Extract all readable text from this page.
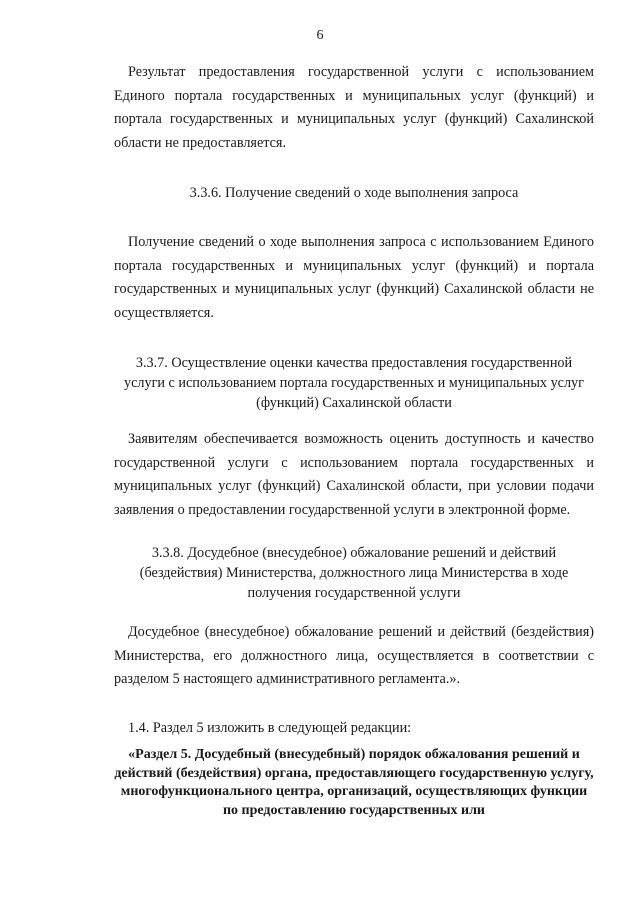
6
Результат предоставления государственной услуги с использованием Единого портала государственных и муниципальных услуг (функций) и портала государственных и муниципальных услуг (функций) Сахалинской области не предоставляется.
3.3.6. Получение сведений о ходе выполнения запроса
Получение сведений о ходе выполнения запроса с использованием Единого портала государственных и муниципальных услуг (функций) и портала государственных и муниципальных услуг (функций) Сахалинской области не осуществляется.
3.3.7. Осуществление оценки качества предоставления государственной услуги с использованием портала государственных и муниципальных услуг (функций) Сахалинской области
Заявителям обеспечивается возможность оценить доступность и качество государственной услуги с использованием портала государственных и муниципальных услуг (функций) Сахалинской области, при условии подачи заявления о предоставлении государственной услуги в электронной форме.
3.3.8. Досудебное (внесудебное) обжалование решений и действий (бездействия) Министерства, должностного лица Министерства в ходе получения государственной услуги
Досудебное (внесудебное) обжалование решений и действий (бездействия) Министерства, его должностного лица, осуществляется в соответствии с разделом 5 настоящего административного регламента.».
1.4. Раздел 5 изложить в следующей редакции:
«Раздел 5. Досудебный (внесудебный) порядок обжалования решений и действий (бездействия) органа, предоставляющего государственную услугу, многофункционального центра, организаций, осуществляющих функции по предоставлению государственных или
